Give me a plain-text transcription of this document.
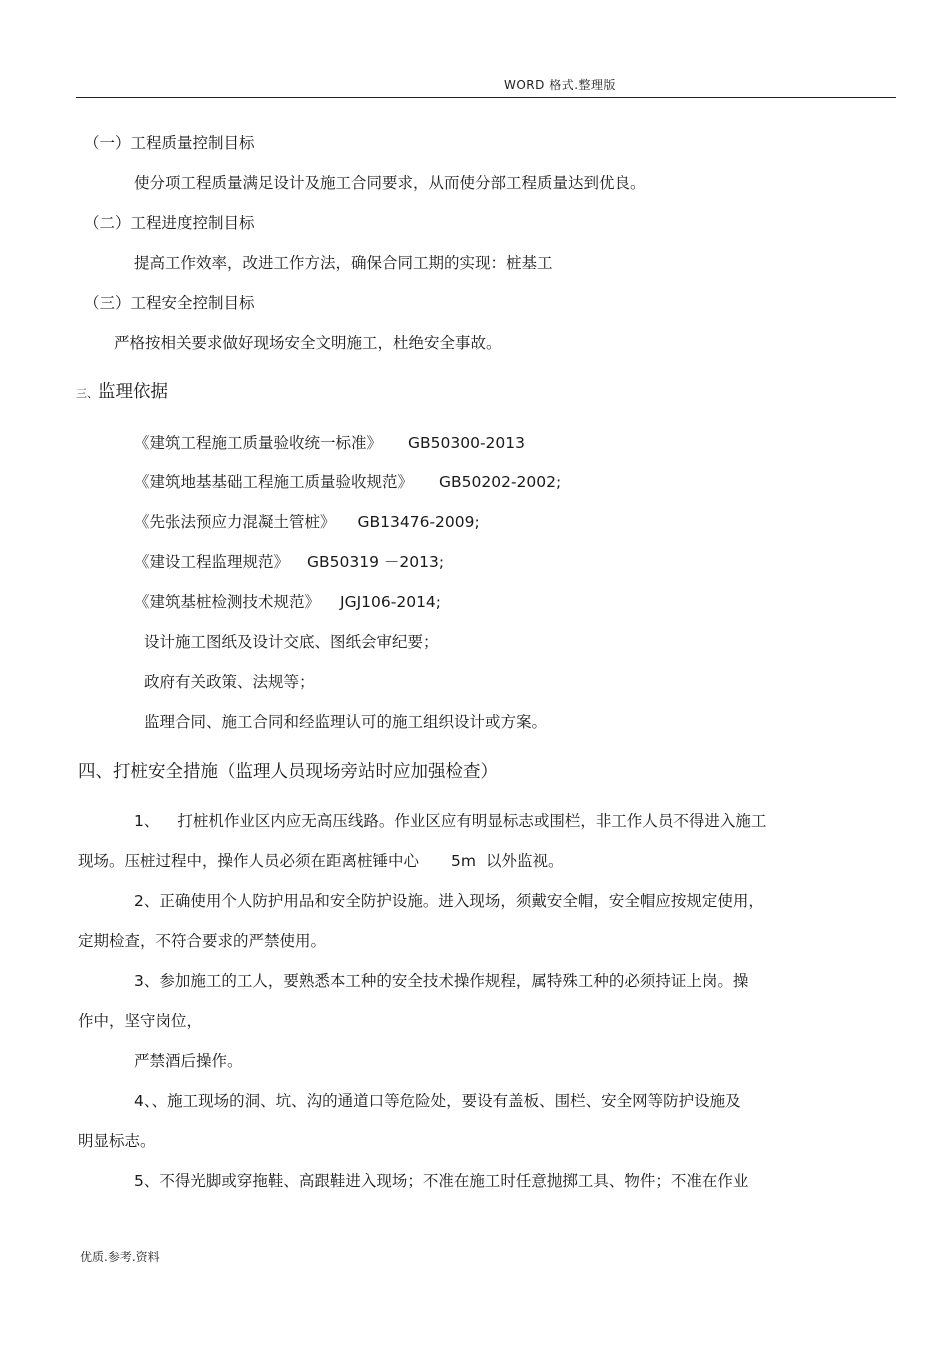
WORD 格式.整理版
（一）工程质量控制目标
使分项工程质量满足设计及施工合同要求，从而使分部工程质量达到优良。
（二）工程进度控制目标
提高工作效率，改进工作方法，确保合同工期的实现：桩基工
（三）工程安全控制目标
严格按相关要求做好现场安全文明施工，杜绝安全事故。
三、监理依据
《建筑工程施工质量验收统一标准》 GB50300-2013
《建筑地基基础工程施工质量验收规范》 GB50202-2002;
《先张法预应力混凝土管桩》 GB13476-2009;
《建设工程监理规范》 GB50319 －2013;
《建筑基桩检测技术规范》 JGJ106-2014;
设计施工图纸及设计交底、图纸会审纪要；
政府有关政策、法规等；
监理合同、施工合同和经监理认可的施工组织设计或方案。
四、打桩安全措施（监理人员现场旁站时应加强检查）
1、 打桩机作业区内应无高压线路。作业区应有明显标志或围栏，非工作人员不得进入施工
现场。压桩过程中，操作人员必须在距离桩锤中心 5m 以外监视。
2、正确使用个人防护用品和安全防护设施。进入现场，须戴安全帽，安全帽应按规定使用，
定期检查，不符合要求的严禁使用。
3、参加施工的工人，要熟悉本工种的安全技术操作规程，属特殊工种的必须持证上岗。操
作中，坚守岗位，
严禁酒后操作。
4、、施工现场的洞、坑、沟的通道口等危险处，要设有盖板、围栏、安全网等防护设施及
明显标志。
5、不得光脚或穿拖鞋、高跟鞋进入现场；不准在施工时任意抛掷工具、物件；不准在作业
优质.参考.资料
